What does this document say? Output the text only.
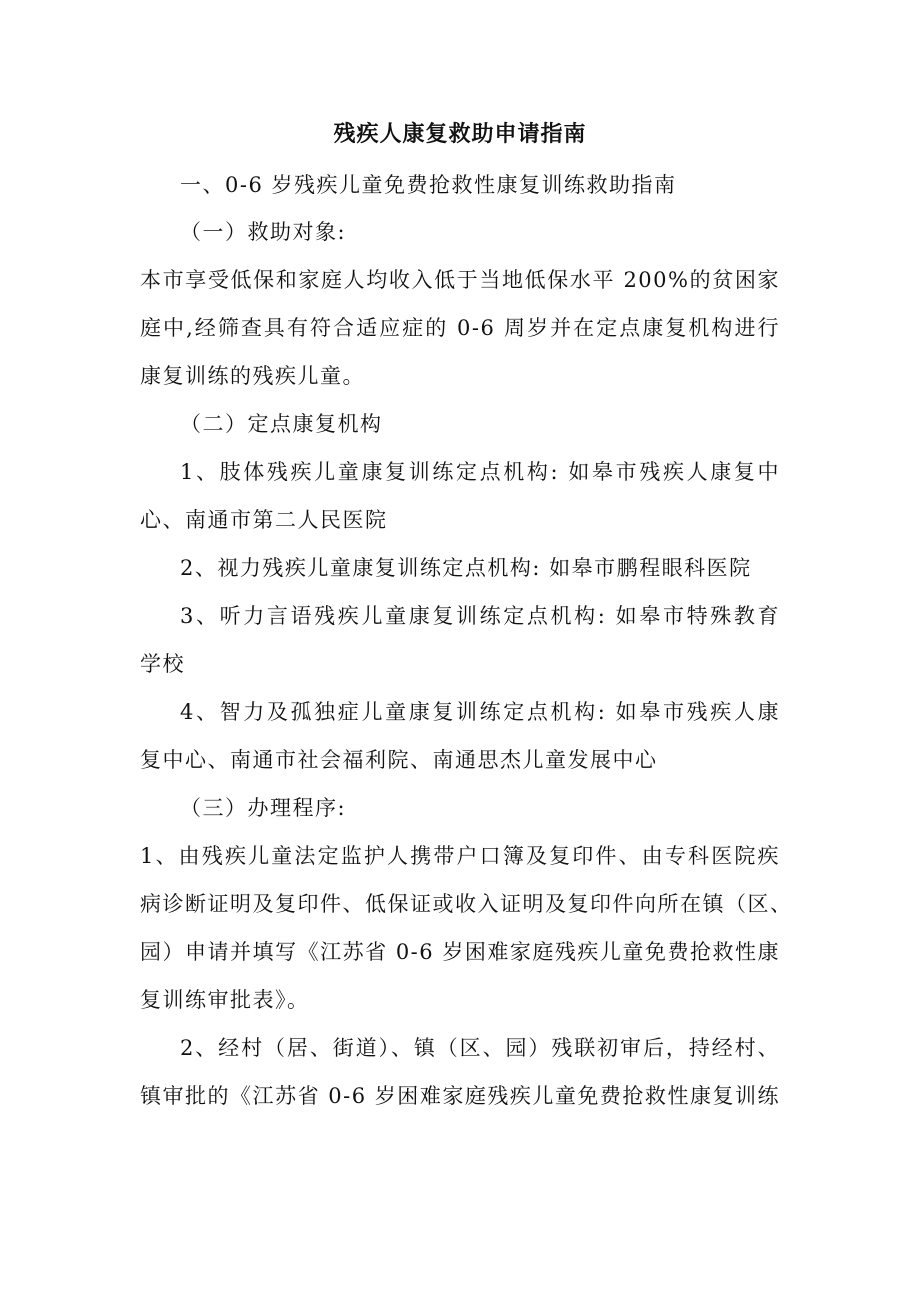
残疾人康复救助申请指南
一、0-6 岁残疾儿童免费抢救性康复训练救助指南
（一）救助对象:
本市享受低保和家庭人均收入低于当地低保水平 200%的贫困家
庭中,经筛查具有符合适应症的 0-6 周岁并在定点康复机构进行
康复训练的残疾儿童。
（二）定点康复机构
1、肢体残疾儿童康复训练定点机构: 如皋市残疾人康复中
心、南通市第二人民医院
2、视力残疾儿童康复训练定点机构: 如皋市鹏程眼科医院
3、听力言语残疾儿童康复训练定点机构: 如皋市特殊教育
学校
4、智力及孤独症儿童康复训练定点机构: 如皋市残疾人康
复中心、南通市社会福利院、南通思杰儿童发展中心
（三）办理程序:
1、由残疾儿童法定监护人携带户口簿及复印件、由专科医院疾
病诊断证明及复印件、低保证或收入证明及复印件向所在镇（区、
园）申请并填写《江苏省 0-6 岁困难家庭残疾儿童免费抢救性康
复训练审批表》。
2、经村（居、街道）、镇（区、园）残联初审后，持经村、
镇审批的《江苏省 0-6 岁困难家庭残疾儿童免费抢救性康复训练
